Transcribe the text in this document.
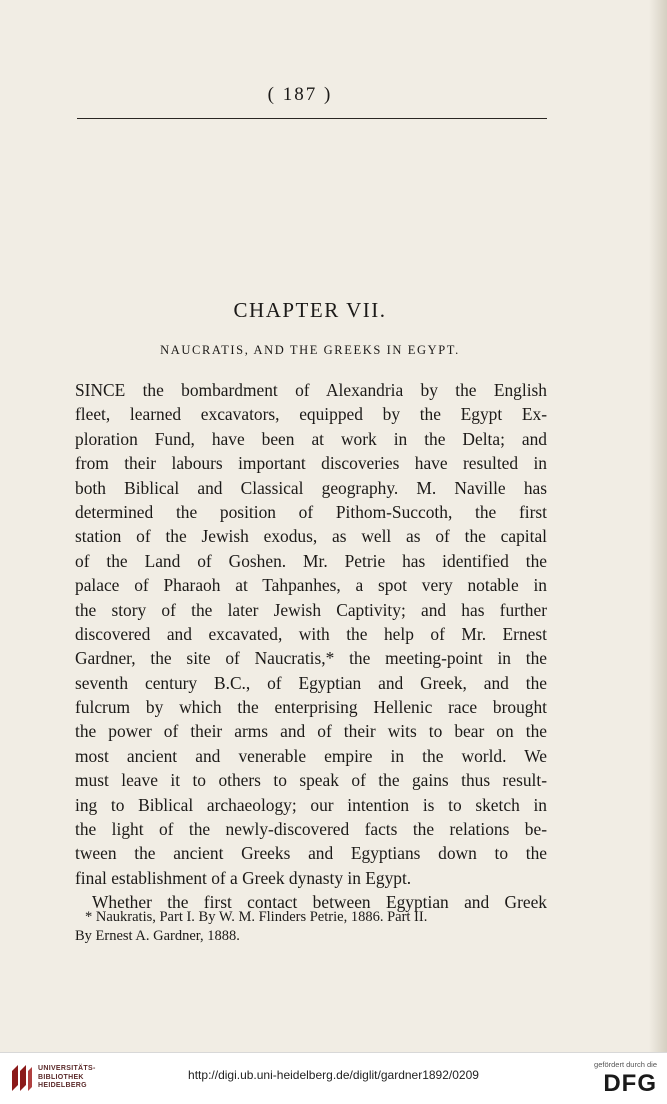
( 187 )
CHAPTER VII.
NAUCRATIS, AND THE GREEKS IN EGYPT.
SINCE the bombardment of Alexandria by the English
fleet, learned excavators, equipped by the Egypt Ex-
ploration Fund, have been at work in the Delta; and
from their labours important discoveries have resulted in
both Biblical and Classical geography. M. Naville has
determined the position of Pithom-Succoth, the first
station of the Jewish exodus, as well as of the capital
of the Land of Goshen. Mr. Petrie has identified the
palace of Pharaoh at Tahpanhes, a spot very notable in
the story of the later Jewish Captivity; and has further
discovered and excavated, with the help of Mr. Ernest
Gardner, the site of Naucratis,* the meeting-point in the
seventh century B.C., of Egyptian and Greek, and the
fulcrum by which the enterprising Hellenic race brought
the power of their arms and of their wits to bear on the
most ancient and venerable empire in the world. We
must leave it to others to speak of the gains thus result-
ing to Biblical archaeology; our intention is to sketch in
the light of the newly-discovered facts the relations be-
tween the ancient Greeks and Egyptians down to the
final establishment of a Greek dynasty in Egypt.
Whether the first contact between Egyptian and Greek
* Naukratis, Part I. By W. M. Flinders Petrie, 1886. Part II.
By Ernest A. Gardner, 1888.
UNIVERSITÄTS-
BIBLIOTHEK
HEIDELBERG
http://digi.ub.uni-heidelberg.de/diglit/gardner1892/0209
gefördert durch die
DFG
